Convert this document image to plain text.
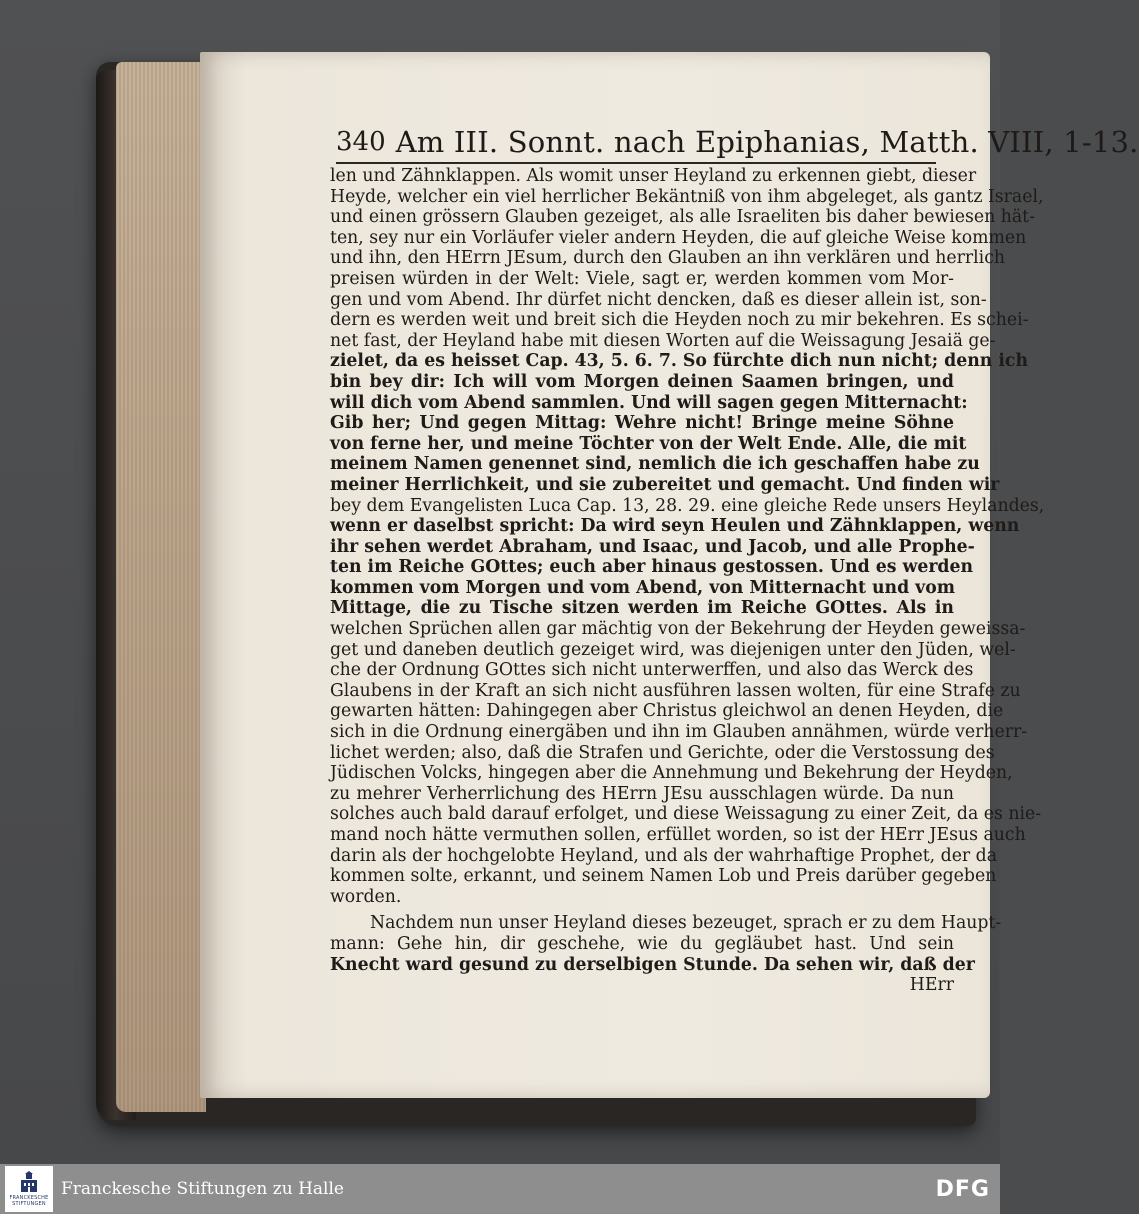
340 Am III. Sonnt. nach Epiphanias, Matth. VIII, 1-13.
len und Zähnklappen. Als womit unser Heyland zu erkennen giebt, dieser
Heyde, welcher ein viel herrlicher Bekäntniß von ihm abgeleget, als gantz Israel,
und einen grössern Glauben gezeiget, als alle Israeliten bis daher bewiesen hät-
ten, sey nur ein Vorläufer vieler andern Heyden, die auf gleiche Weise kommen
und ihn, den HErrn JEsum, durch den Glauben an ihn verklären und herrlich
preisen würden in der Welt: Viele, sagt er, werden kommen vom Mor-
gen und vom Abend. Ihr dürfet nicht dencken, daß es dieser allein ist, son-
dern es werden weit und breit sich die Heyden noch zu mir bekehren. Es schei-
net fast, der Heyland habe mit diesen Worten auf die Weissagung Jesaiä ge-
zielet, da es heisset Cap. 43, 5. 6. 7. So fürchte dich nun nicht; denn ich
bin bey dir: Ich will vom Morgen deinen Saamen bringen, und
will dich vom Abend sammlen. Und will sagen gegen Mitternacht:
Gib her; Und gegen Mittag: Wehre nicht! Bringe meine Söhne
von ferne her, und meine Töchter von der Welt Ende. Alle, die mit
meinem Namen genennet sind, nemlich die ich geschaffen habe zu
meiner Herrlichkeit, und sie zubereitet und gemacht. Und finden wir
bey dem Evangelisten Luca Cap. 13, 28. 29. eine gleiche Rede unsers Heylandes,
wenn er daselbst spricht: Da wird seyn Heulen und Zähnklappen, wenn
ihr sehen werdet Abraham, und Isaac, und Jacob, und alle Prophe-
ten im Reiche GOttes; euch aber hinaus gestossen. Und es werden
kommen vom Morgen und vom Abend, von Mitternacht und vom
Mittage, die zu Tische sitzen werden im Reiche GOttes. Als in
welchen Sprüchen allen gar mächtig von der Bekehrung der Heyden geweissa-
get und daneben deutlich gezeiget wird, was diejenigen unter den Jüden, wel-
che der Ordnung GOttes sich nicht unterwerffen, und also das Werck des
Glaubens in der Kraft an sich nicht ausführen lassen wolten, für eine Strafe zu
gewarten hätten: Dahingegen aber Christus gleichwol an denen Heyden, die
sich in die Ordnung einergäben und ihn im Glauben annähmen, würde verherr-
lichet werden; also, daß die Strafen und Gerichte, oder die Verstossung des
Jüdischen Volcks, hingegen aber die Annehmung und Bekehrung der Heyden,
zu mehrer Verherrlichung des HErrn JEsu ausschlagen würde. Da nun
solches auch bald darauf erfolget, und diese Weissagung zu einer Zeit, da es nie-
mand noch hätte vermuthen sollen, erfüllet worden, so ist der HErr JEsus auch
darin als der hochgelobte Heyland, und als der wahrhaftige Prophet, der da
kommen solte, erkannt, und seinem Namen Lob und Preis darüber gegeben
worden.
Nachdem nun unser Heyland dieses bezeuget, sprach er zu dem Haupt-
mann: Gehe hin, dir geschehe, wie du gegläubet hast. Und sein
Knecht ward gesund zu derselbigen Stunde. Da sehen wir, daß der
HErr
FRANCKESCHE STIFTUNGEN
Franckesche Stiftungen zu Halle	DFG
